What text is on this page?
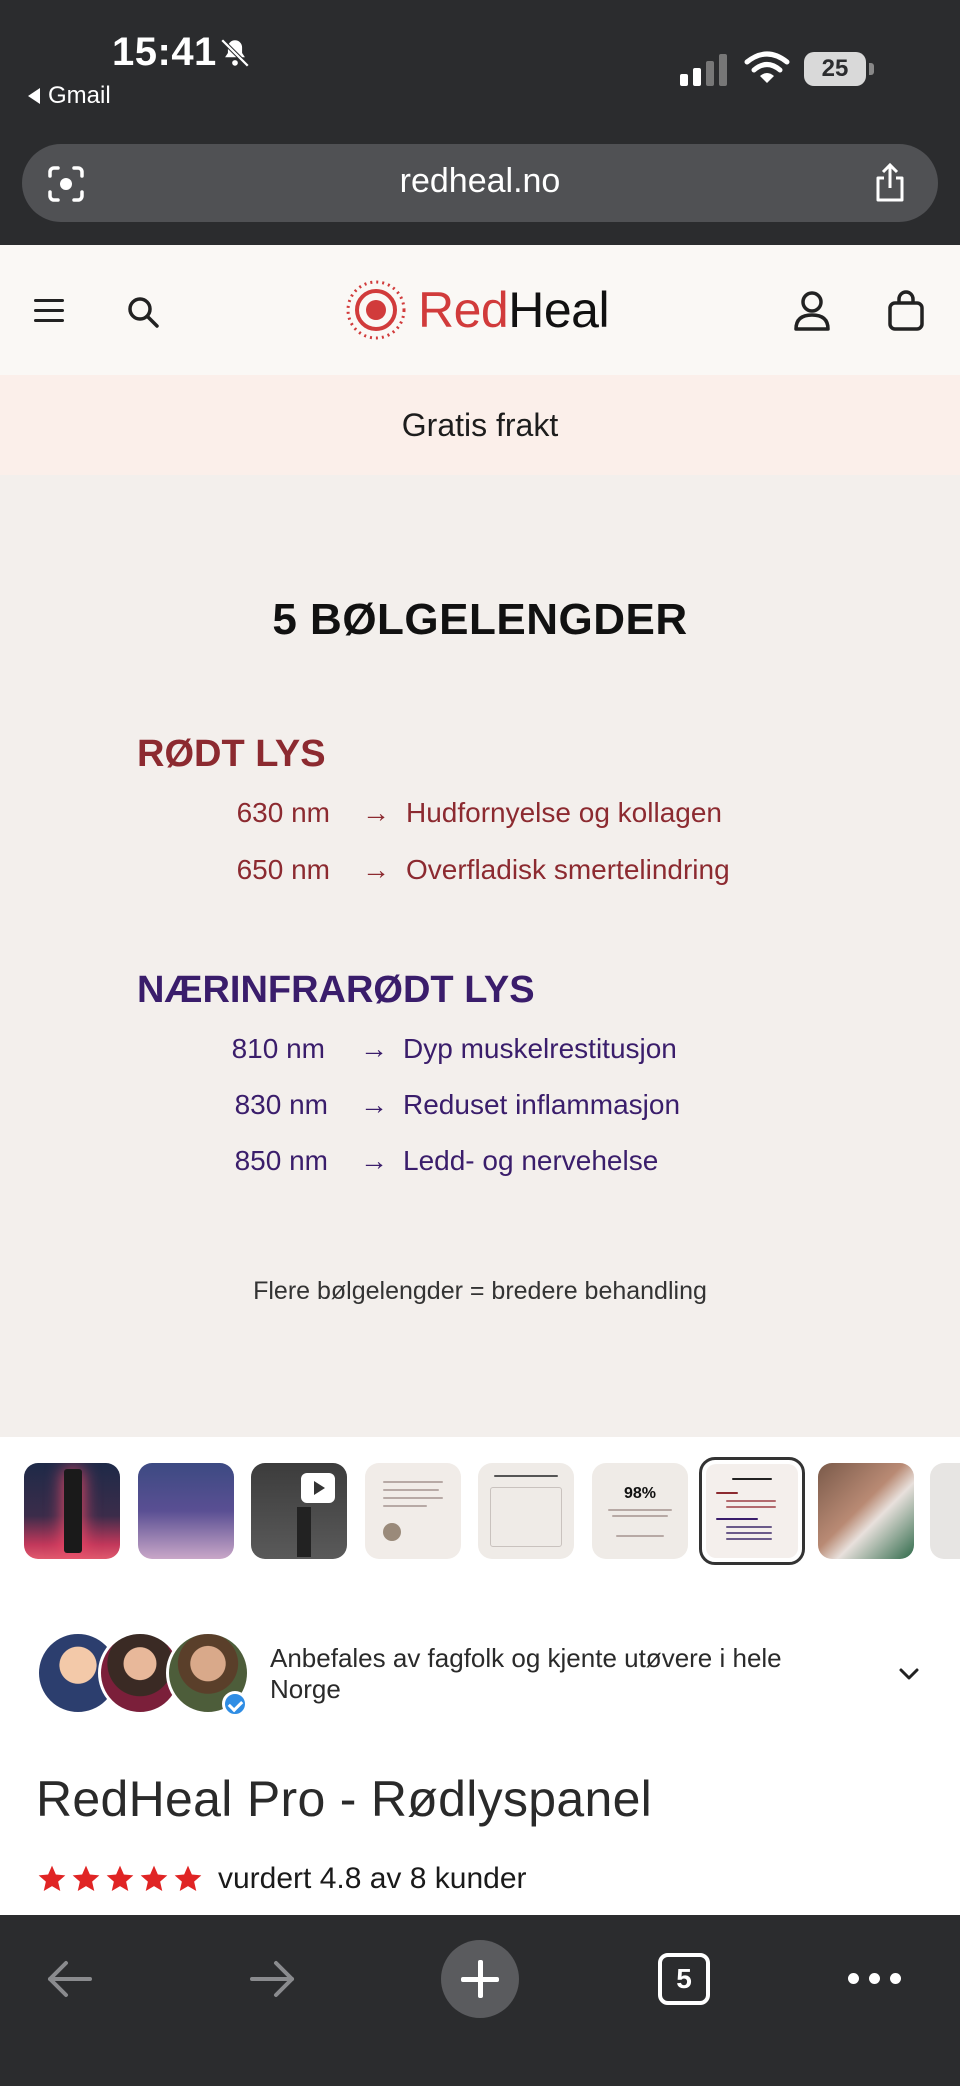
15:41
Gmail
25
redheal.no
RedHeal
Gratis frakt
5 BØLGELENGDER
RØDT LYS
630 nm → Hudfornyelse og kollagen
650 nm → Overfladisk smertelindring
NÆRINFRARØDT LYS
810 nm → Dyp muskelrestitusjon
830 nm → Reduset inflammasjon
850 nm → Ledd- og nervehelse
Flere bølgelengder = bredere behandling
98%
Anbefales av fagfolk og kjente utøvere i hele Norge
RedHeal Pro - Rødlyspanel
vurdert 4.8 av 8 kunder
5
